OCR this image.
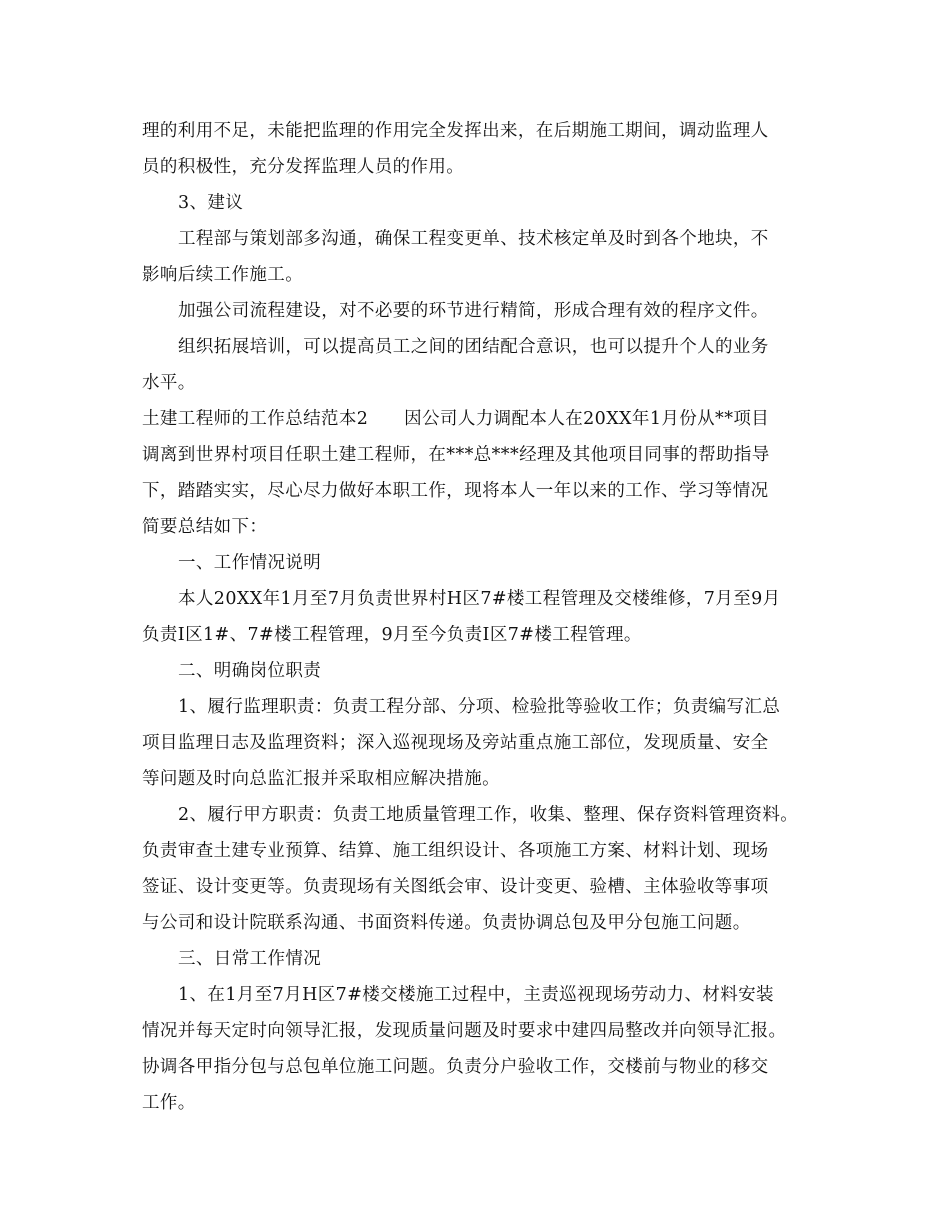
理的利用不足，未能把监理的作用完全发挥出来，在后期施工期间，调动监理人
员的积极性，充分发挥监理人员的作用。
3、建议
工程部与策划部多沟通，确保工程变更单、技术核定单及时到各个地块，不
影响后续工作施工。
加强公司流程建设，对不必要的环节进行精简，形成合理有效的程序文件。
组织拓展培训，可以提高员工之间的团结配合意识，也可以提升个人的业务
水平。
土建工程师的工作总结范本2　　因公司人力调配本人在20XX年1月份从**项目
调离到世界村项目任职土建工程师，在***总***经理及其他项目同事的帮助指导
下，踏踏实实，尽心尽力做好本职工作，现将本人一年以来的工作、学习等情况
简要总结如下：
一、工作情况说明
本人20XX年1月至7月负责世界村H区7#楼工程管理及交楼维修，7月至9月
负责I区1#、7#楼工程管理，9月至今负责I区7#楼工程管理。
二、明确岗位职责
1、履行监理职责：负责工程分部、分项、检验批等验收工作；负责编写汇总
项目监理日志及监理资料；深入巡视现场及旁站重点施工部位，发现质量、安全
等问题及时向总监汇报并采取相应解决措施。
2、履行甲方职责：负责工地质量管理工作，收集、整理、保存资料管理资料。
负责审查土建专业预算、结算、施工组织设计、各项施工方案、材料计划、现场
签证、设计变更等。负责现场有关图纸会审、设计变更、验槽、主体验收等事项
与公司和设计院联系沟通、书面资料传递。负责协调总包及甲分包施工问题。
三、日常工作情况
1、在1月至7月H区7#楼交楼施工过程中，主责巡视现场劳动力、材料安装
情况并每天定时向领导汇报，发现质量问题及时要求中建四局整改并向领导汇报。
协调各甲指分包与总包单位施工问题。负责分户验收工作，交楼前与物业的移交
工作。
